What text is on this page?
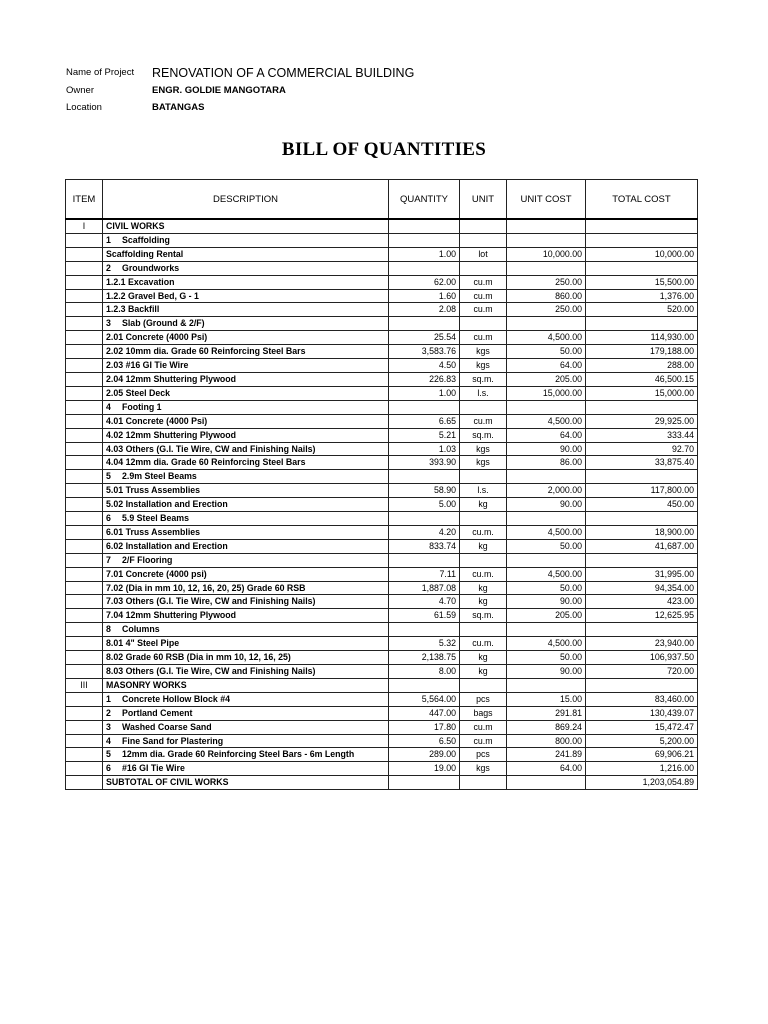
Name of Project	RENOVATION OF A COMMERCIAL BUILDING
Owner	ENGR. GOLDIE MANGOTARA
Location	BATANGAS
BILL OF QUANTITIES
ITEM	DESCRIPTION	QUANTITY	UNIT	UNIT COST	TOTAL COST
I	CIVIL WORKS				
	1 Scaffolding				
	Scaffolding Rental	1.00	lot	10,000.00	10,000.00
	2 Groundworks				
	1.2.1 Excavation	62.00	cu.m	250.00	15,500.00
	1.2.2 Gravel Bed, G - 1	1.60	cu.m	860.00	1,376.00
	1.2.3 Backfill	2.08	cu.m	250.00	520.00
	3 Slab (Ground & 2/F)				
	2.01 Concrete (4000 Psi)	25.54	cu.m	4,500.00	114,930.00
	2.02 10mm dia. Grade 60 Reinforcing Steel Bars	3,583.76	kgs	50.00	179,188.00
	2.03 #16 GI Tie Wire	4.50	kgs	64.00	288.00
	2.04 12mm Shuttering Plywood	226.83	sq.m.	205.00	46,500.15
	2.05 Steel Deck	1.00	l.s.	15,000.00	15,000.00
	4 Footing 1				
	4.01 Concrete (4000 Psi)	6.65	cu.m	4,500.00	29,925.00
	4.02 12mm Shuttering Plywood	5.21	sq.m.	64.00	333.44
	4.03 Others (G.I. Tie Wire, CW and Finishing Nails)	1.03	kgs	90.00	92.70
	4.04 12mm dia. Grade 60 Reinforcing Steel Bars	393.90	kgs	86.00	33,875.40
	5 2.9m Steel Beams				
	5.01 Truss Assemblies	58.90	l.s.	2,000.00	117,800.00
	5.02 Installation and Erection	5.00	kg	90.00	450.00
	6 5.9 Steel Beams				
	6.01 Truss Assemblies	4.20	cu.m.	4,500.00	18,900.00
	6.02 Installation and Erection	833.74	kg	50.00	41,687.00
	7 2/F Flooring				
	7.01 Concrete (4000 psi)	7.11	cu.m.	4,500.00	31,995.00
	7.02 (Dia in mm 10, 12, 16, 20, 25) Grade 60 RSB	1,887.08	kg	50.00	94,354.00
	7.03 Others (G.I. Tie Wire, CW and Finishing Nails)	4.70	kg	90.00	423.00
	7.04 12mm Shuttering Plywood	61.59	sq.m.	205.00	12,625.95
	8 Columns				
	8.01 4" Steel Pipe	5.32	cu.m.	4,500.00	23,940.00
	8.02 Grade 60 RSB (Dia in mm 10, 12, 16, 25)	2,138.75	kg	50.00	106,937.50
	8.03 Others (G.I. Tie Wire, CW and Finishing Nails)	8.00	kg	90.00	720.00
III	MASONRY WORKS				
	1 Concrete Hollow Block #4	5,564.00	pcs	15.00	83,460.00
	2 Portland Cement	447.00	bags	291.81	130,439.07
	3 Washed Coarse Sand	17.80	cu.m	869.24	15,472.47
	4 Fine Sand for Plastering	6.50	cu.m	800.00	5,200.00
	5 12mm dia. Grade 60 Reinforcing Steel Bars - 6m Length	289.00	pcs	241.89	69,906.21
	6 #16 GI Tie Wire	19.00	kgs	64.00	1,216.00
	SUBTOTAL OF CIVIL WORKS				1,203,054.89
